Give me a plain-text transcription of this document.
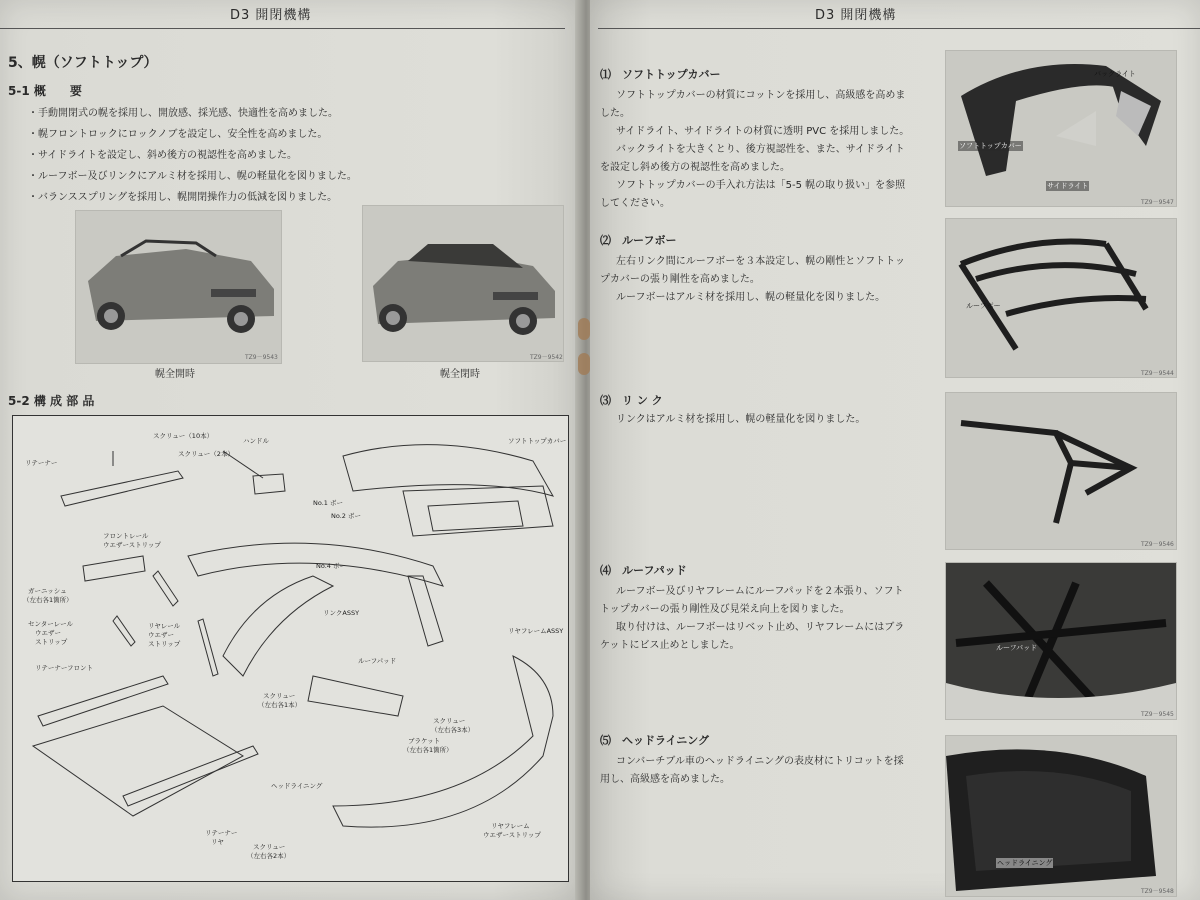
D3 開閉機構
5、幌（ソフトトップ）
5-1 概　　要
・ 手動開閉式の幌を採用し、開放感、採光感、快適性を高めました。
・ 幌フロントロックにロックノブを設定し、安全性を高めました。
・ サイドライトを設定し、斜め後方の視認性を高めました。
・ ルーフボー及びリンクにアルミ材を採用し、幌の軽量化を図りました。
・ バランススプリングを採用し、幌開閉操作力の低減を図りました。
TZ9－9543
幌全開時
TZ9－9542
幌全閉時
5-2 構 成 部 品
スクリュー（10本）
リテーナー
スクリュー（2本）
ハンドル	ソフトトップカバー
No.1 ボー
No.2 ボー
フロントレール
ウエザーストリップ
No.4 ボー
ガーニッシュ
（左右各1箇所）
リンクASSY
リヤフレームASSY
センターレール
ウエザー
ストリップ
リヤレール
ウエザー
ストリップ
ルーフパッド
リテーナーフロント
スクリュー
（左右各1本）
スクリュー
（左右各3本）
ブラケット
（左右各1箇所）
ヘッドライニング
リヤフレーム
ウエザーストリップ
リテーナー
リヤ
スクリュー
（左右各2本）
D3 開閉機構
⑴　ソフトトップカバー
ソフトトップカバーの材質にコットンを採用し、高級感を高めま
した。
サイドライト、サイドライトの材質に透明 PVC を採用しました。
バックライトを大きくとり、後方視認性を、また、サイドライト
を設定し斜め後方の視認性を高めました。
ソフトトップカバーの手入れ方法は「5-5 幌の取り扱い」を参照
してください。
バックライト
ソフトトップカバー
サイドライト
TZ9－9547
⑵　ルーフボー
左右リンク間にルーフボーを３本設定し、幌の剛性とソフトトッ
プカバーの張り剛性を高めました。
ルーフボーはアルミ材を採用し、幌の軽量化を図りました。
ルーフボー
TZ9－9544
⑶　リ ン ク
リンクはアルミ材を採用し、幌の軽量化を図りました。
TZ9－9546
⑷　ルーフパッド
ルーフボー及びリヤフレームにルーフパッドを２本張り、ソフト
トップカバーの張り剛性及び見栄え向上を図りました。
取り付けは、ルーフボーはリベット止め、リヤフレームにはブラ
ケットにビス止めとしました。	ルーフパッド
TZ9－9545
⑸　ヘッドライニング
コンバーチブル車のヘッドライニングの表皮材にトリコットを採
用し、高級感を高めました。
ヘッドライニング
TZ9－9548
